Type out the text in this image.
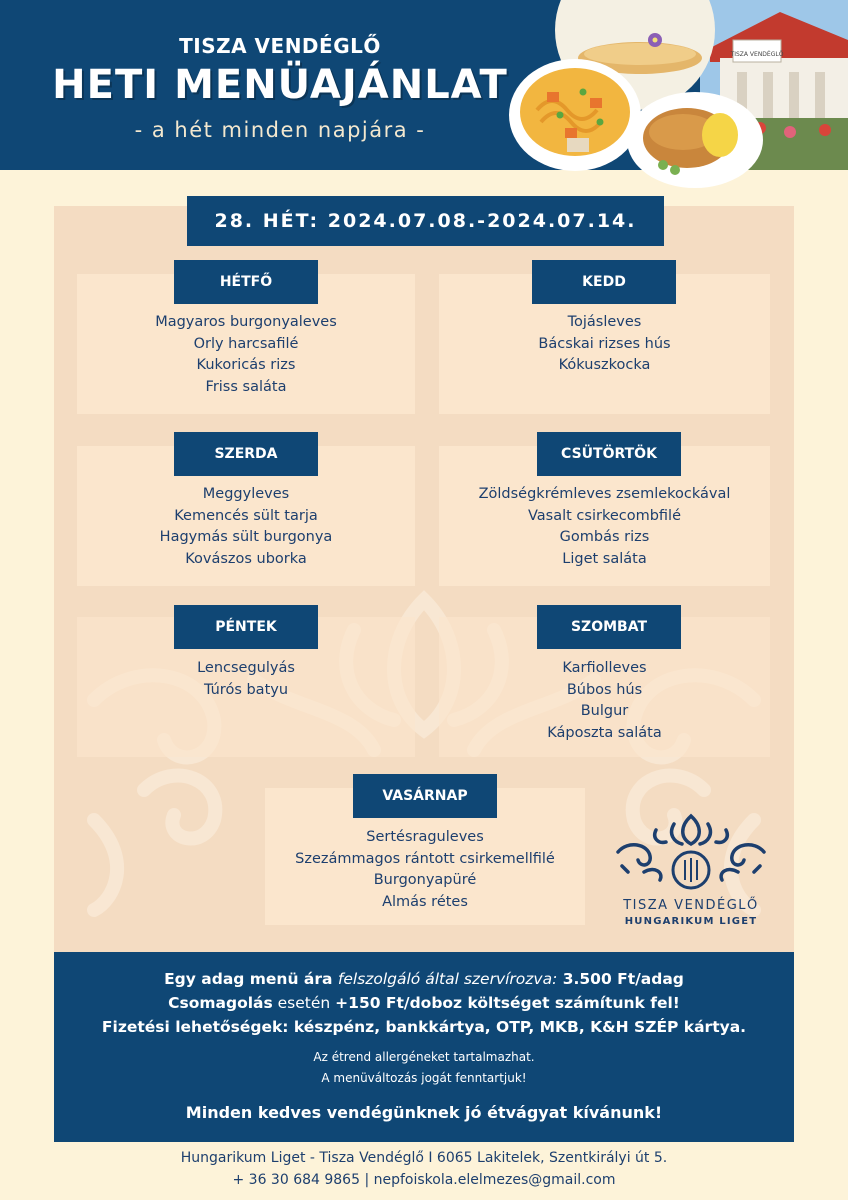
TISZA VENDÉGLŐ
HETI MENÜAJÁNLAT
- a hét minden napjára -
TISZA VENDÉGLŐ
28. HÉT: 2024.07.08.-2024.07.14.
HÉTFŐ
Magyaros burgonyaleves
Orly harcsafilé
Kukoricás rizs
Friss saláta
KEDD
Tojásleves
Bácskai rizses hús
Kókuszkocka
SZERDA
Meggyleves
Kemencés sült tarja
Hagymás sült burgonya
Kovászos uborka
CSÜTÖRTÖK
Zöldségkrémleves zsemlekockával
Vasalt csirkecombfilé
Gombás rizs
Liget saláta
PÉNTEK
Lencsegulyás
Túrós batyu
SZOMBAT
Karfiolleves
Búbos hús
Bulgur
Káposzta saláta
VASÁRNAP
Sertésraguleves
Szezámmagos rántott csirkemellfilé
Burgonyapüré
Almás rétes	TISZA VENDÉGLŐ
HUNGARIKUM LIGET
Egy adag menü ára felszolgáló által szervírozva: 3.500 Ft/adag
Csomagolás esetén +150 Ft/doboz költséget számítunk fel!
Fizetési lehetőségek: készpénz, bankkártya, OTP, MKB, K&H SZÉP kártya.
Az étrend allergéneket tartalmazhat.
A menüváltozás jogát fenntartjuk!
Minden kedves vendégünknek jó étvágyat kívánunk!
Hungarikum Liget - Tisza Vendéglő I 6065 Lakitelek, Szentkirályi út 5.
+ 36 30 684 9865 | nepfoiskola.elelmezes@gmail.com
